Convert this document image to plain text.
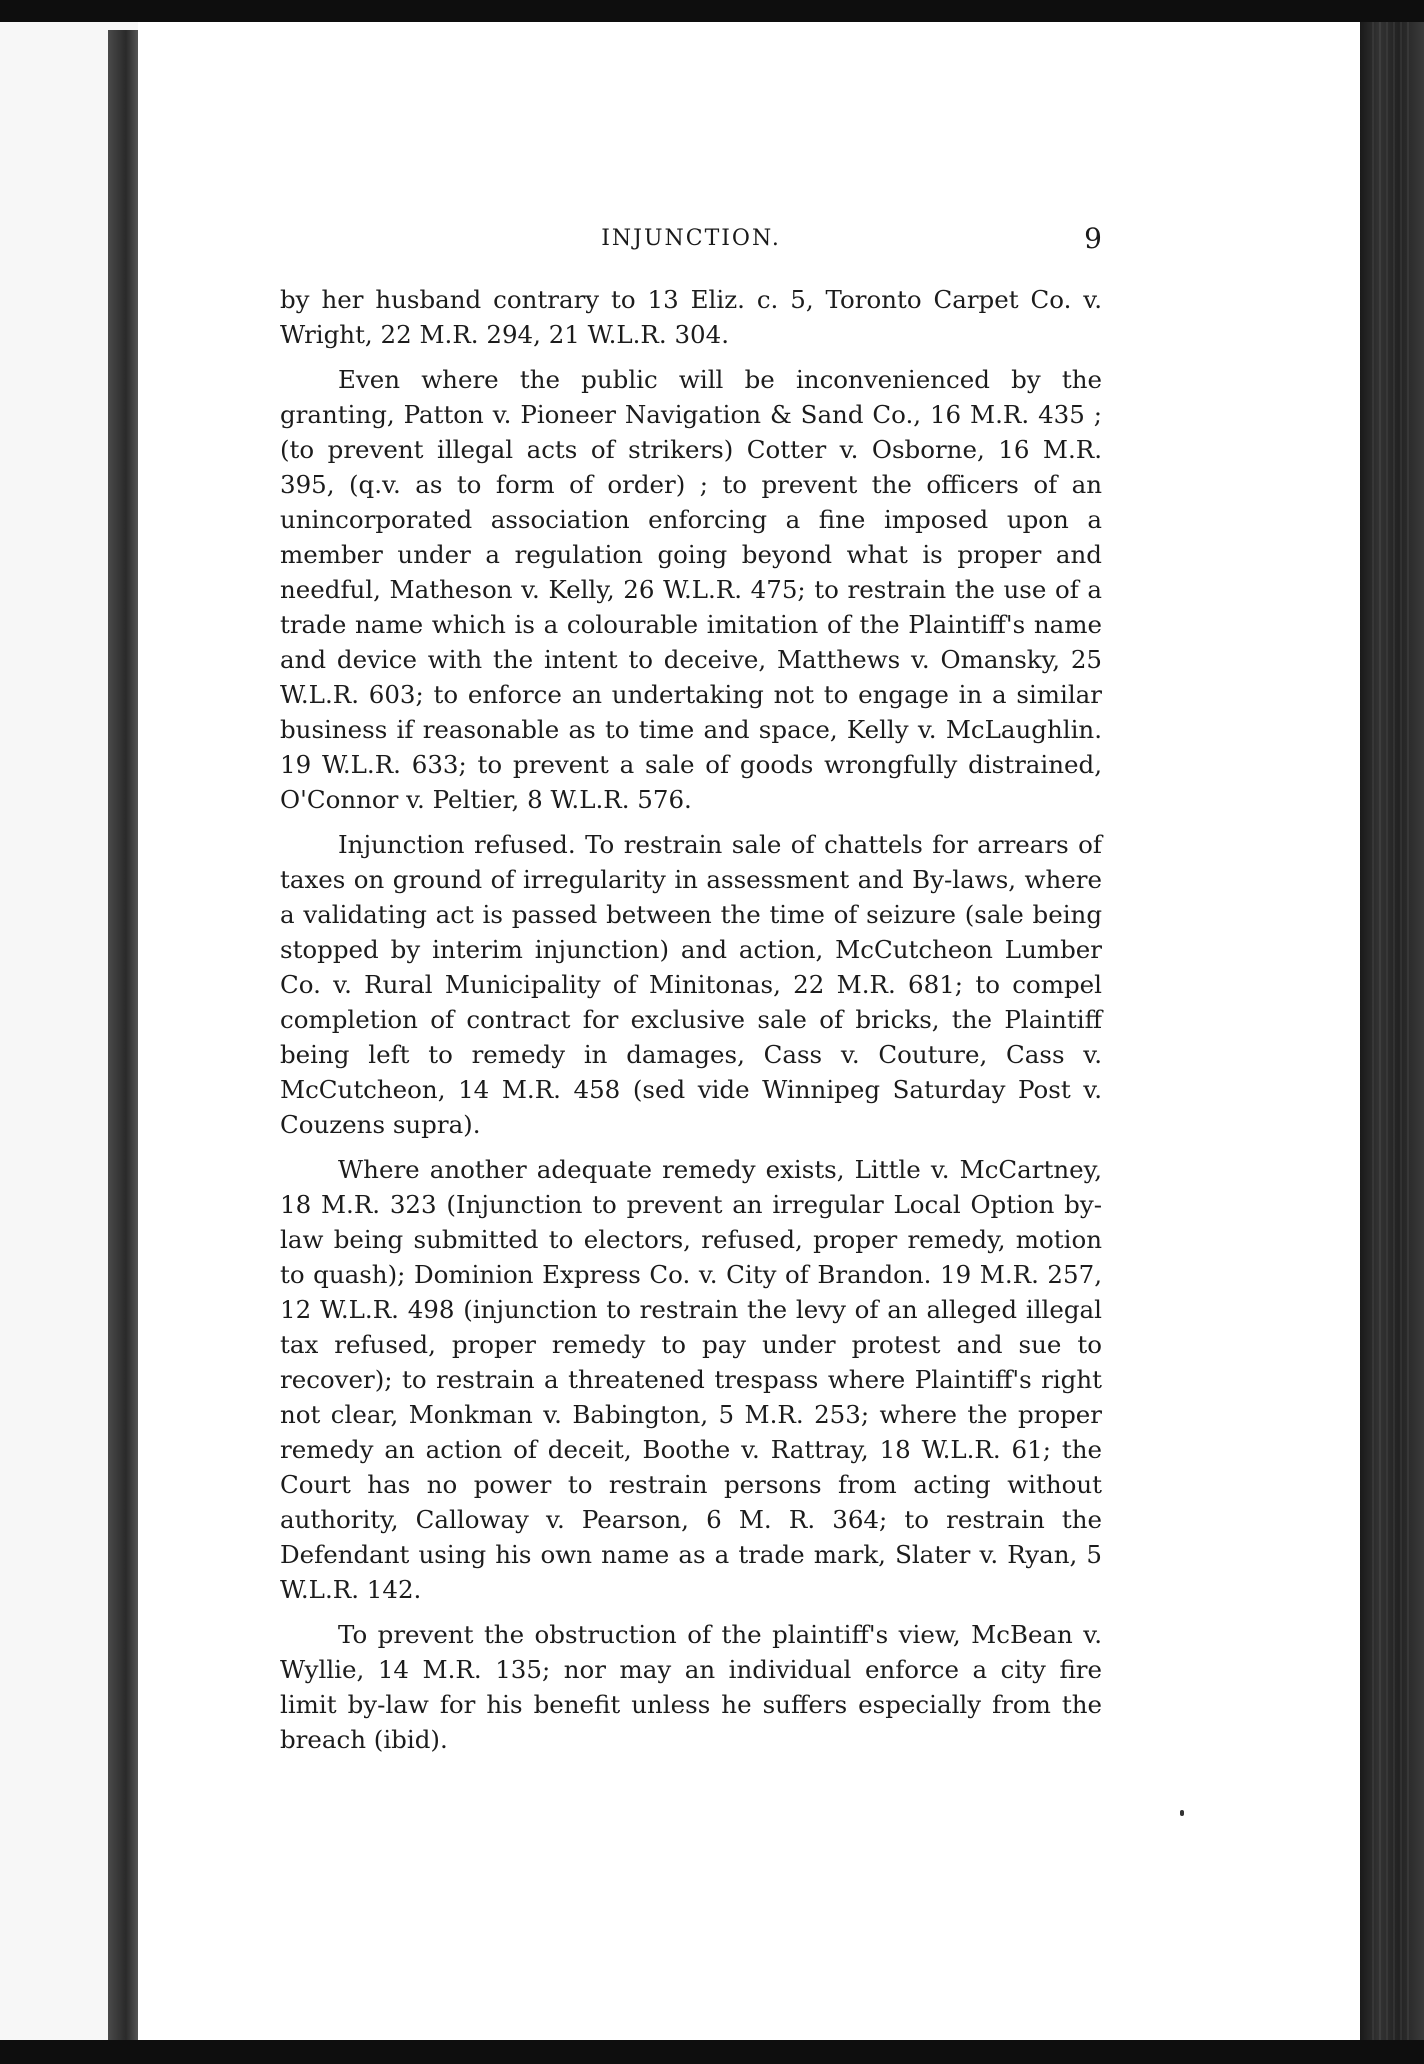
INJUNCTION.	9

by her husband contrary to 13 Eliz. c. 5, Toronto Carpet Co. v. Wright, 22 M.R. 294, 21 W.L.R. 304.

Even where the public will be inconvenienced by the granting, Patton v. Pioneer Navigation & Sand Co., 16 M.R. 435 ; (to prevent illegal acts of strikers) Cotter v. Osborne, 16 M.R. 395, (q.v. as to form of order) ; to prevent the officers of an unincorporated association enforcing a fine imposed upon a member under a regulation going beyond what is proper and needful, Matheson v. Kelly, 26 W.L.R. 475; to restrain the use of a trade name which is a colourable imitation of the Plaintiff's name and device with the intent to deceive, Matthews v. Omansky, 25 W.L.R. 603; to enforce an undertaking not to engage in a similar business if reasonable as to time and space, Kelly v. McLaughlin. 19 W.L.R. 633; to prevent a sale of goods wrongfully distrained, O'Connor v. Peltier, 8 W.L.R. 576.

Injunction refused. To restrain sale of chattels for arrears of taxes on ground of irregularity in assessment and By-laws, where a validating act is passed between the time of seizure (sale being stopped by interim injunction) and action, McCutcheon Lumber Co. v. Rural Municipality of Minitonas, 22 M.R. 681; to compel completion of contract for exclusive sale of bricks, the Plaintiff being left to remedy in damages, Cass v. Couture, Cass v. McCutcheon, 14 M.R. 458 (sed vide Winnipeg Saturday Post v. Couzens supra).

Where another adequate remedy exists, Little v. McCartney, 18 M.R. 323 (Injunction to prevent an irregular Local Option by-law being submitted to electors, refused, proper remedy, motion to quash); Dominion Express Co. v. City of Brandon. 19 M.R. 257, 12 W.L.R. 498 (injunction to restrain the levy of an alleged illegal tax refused, proper remedy to pay under protest and sue to recover); to restrain a threatened trespass where Plaintiff's right not clear, Monkman v. Babington, 5 M.R. 253; where the proper remedy an action of deceit, Boothe v. Rattray, 18 W.L.R. 61; the Court has no power to restrain persons from acting without authority, Calloway v. Pearson, 6 M. R. 364; to restrain the Defendant using his own name as a trade mark, Slater v. Ryan, 5 W.L.R. 142.

To prevent the obstruction of the plaintiff's view, McBean v. Wyllie, 14 M.R. 135; nor may an individual enforce a city fire limit by-law for his benefit unless he suffers especially from the breach (ibid).
